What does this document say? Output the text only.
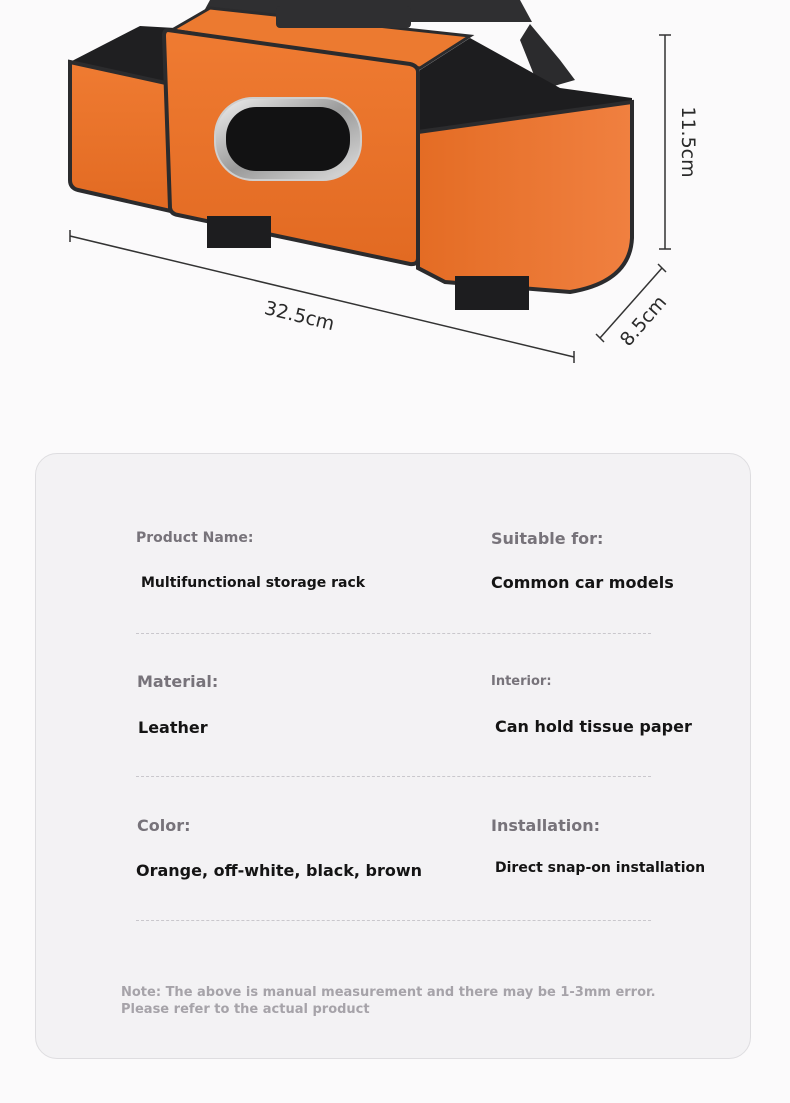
32.5cm
11.5cm
8.5cm
Product Name:	Suitable for:
Multifunctional storage rack	Common car models
Material:	Interior:
Leather	Can hold tissue paper
Color:	Installation:
Orange, off-white, black, brown	Direct snap-on installation
Note: The above is manual measurement and there may be 1-3mm error. Please refer to the actual product
